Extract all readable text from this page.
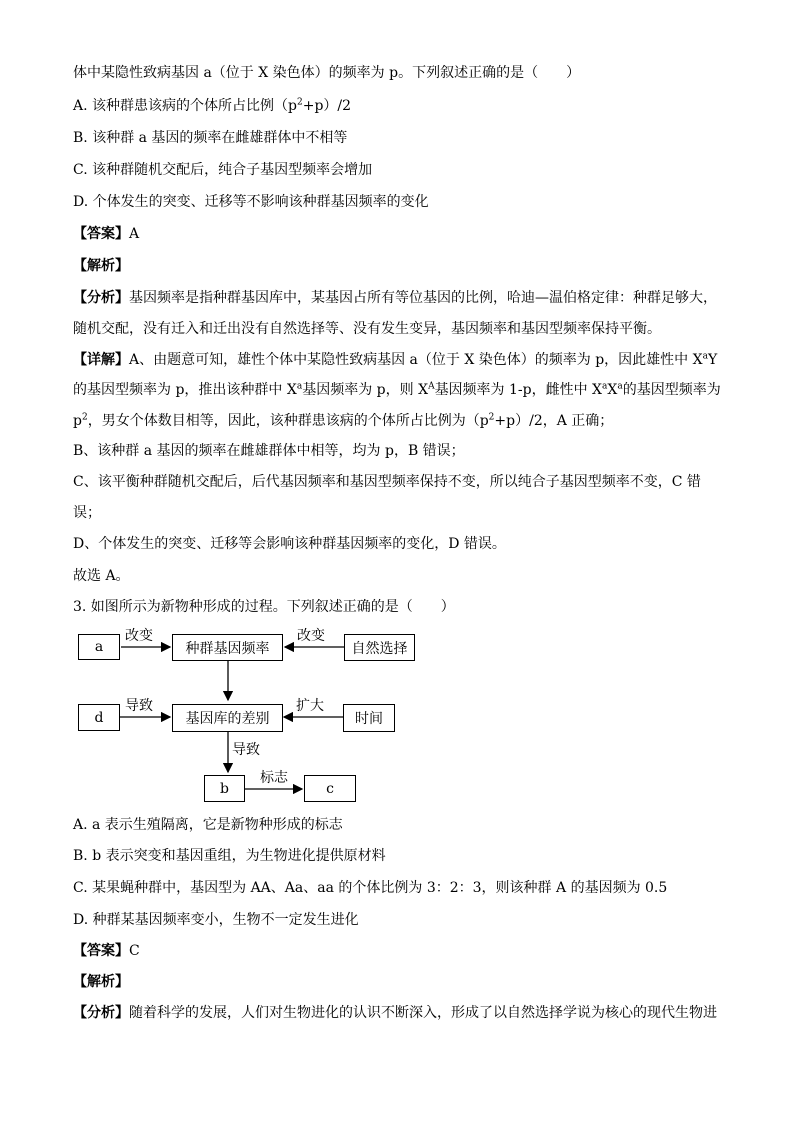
体中某隐性致病基因 a（位于 X 染色体）的频率为 p。下列叙述正确的是（　　）
A. 该种群患该病的个体所占比例$(p^2+p)/2$
B. 该种群 a 基因的频率在雌雄群体中不相等
C. 该种群随机交配后，纯合子基因型频率会增加
D. 个体发生的突变、迁移等不影响该种群基因频率的变化
【答案】A
【解析】
【分析】基因频率是指种群基因库中，某基因占所有等位基因的比例，哈迪—温伯格定律：种群足够大，
随机交配，没有迁入和迁出没有自然选择等、没有发生变异，基因频率和基因型频率保持平衡。
【详解】A、由题意可知，雄性个体中某隐性致病基因 a（位于 X 染色体）的频率为 p，因此雄性中 $X^aY$
的基因型频率为 p，推出该种群中 $X^a$基因频率为 p，则 $X^A$基因频率为 1-p，雌性中 $X^aX^a$的基因型频率为
$p^2$，男女个体数目相等，因此，该种群患该病的个体所占比例为$(p^2+p)/2$，A 正确；
B、该种群 a 基因的频率在雌雄群体中相等，均为 p，B 错误；
C、该平衡种群随机交配后，后代基因频率和基因型频率保持不变，所以纯合子基因型频率不变，C 错
误；
D、个体发生的突变、迁移等会影响该种群基因频率的变化，D 错误。
故选 A。
3. 如图所示为新物种形成的过程。下列叙述正确的是（　　）
a	种群基因频率	自然选择
d	基因库的差别	时间
b	c
改变	改变
导致	扩大
导致
标志
A. a 表示生殖隔离，它是新物种形成的标志
B. b 表示突变和基因重组，为生物进化提供原材料
C. 某果蝇种群中，基因型为 AA、Aa、aa 的个体比例为 3：2：3，则该种群 A 的基因频为 0.5
D. 种群某基因频率变小，生物不一定发生进化
【答案】C
【解析】
【分析】随着科学的发展，人们对生物进化的认识不断深入，形成了以自然选择学说为核心的现代生物进
